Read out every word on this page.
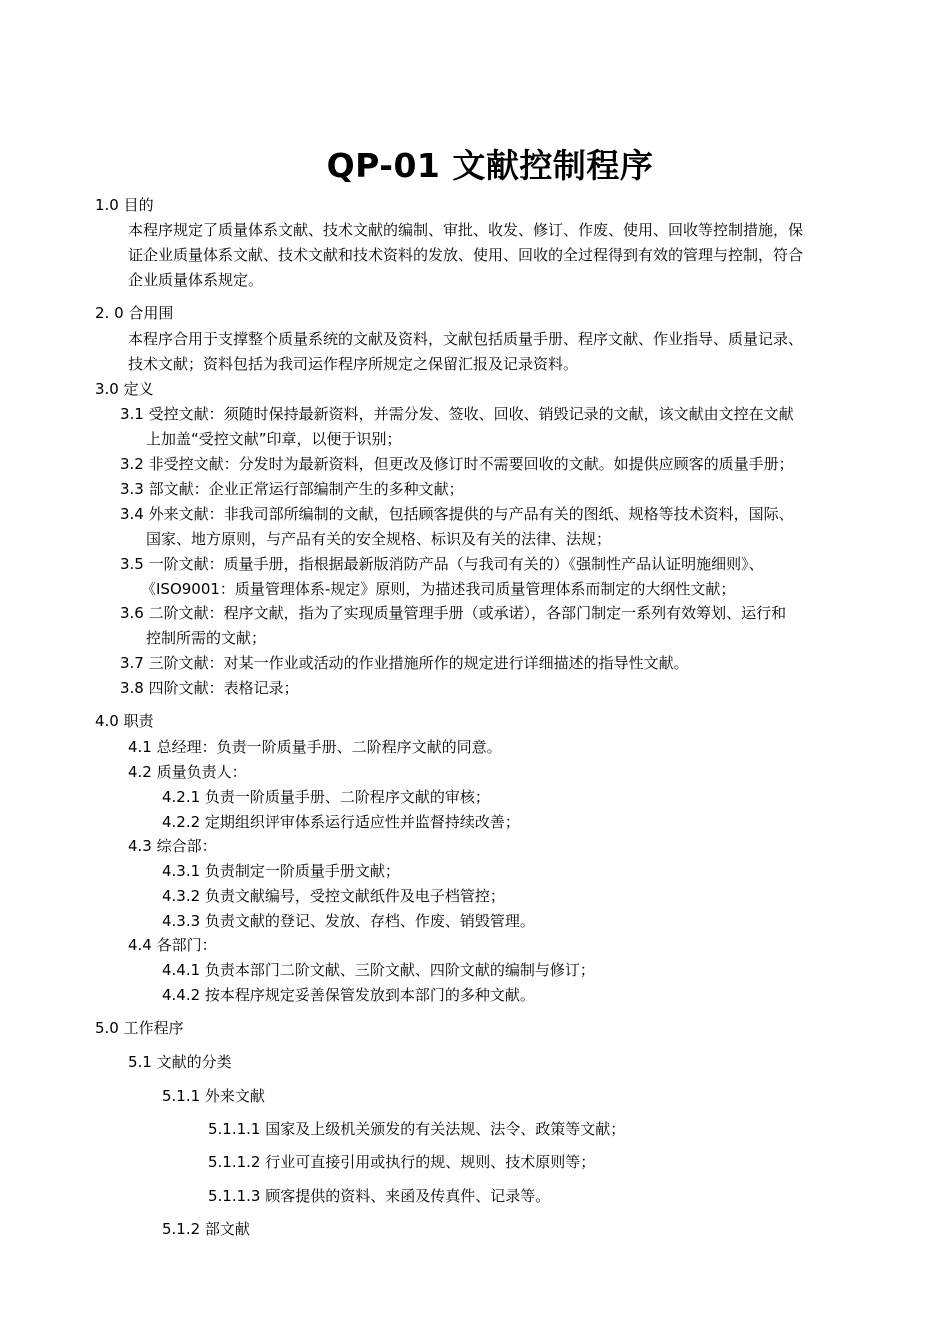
QP-01 文献控制程序
1.0 目的
本程序规定了质量体系文献、技术文献的编制、审批、收发、修订、作废、使用、回收等控制措施，保
证企业质量体系文献、技术文献和技术资料的发放、使用、回收的全过程得到有效的管理与控制，符合
企业质量体系规定。
2. 0 合用围
本程序合用于支撑整个质量系统的文献及资料，文献包括质量手册、程序文献、作业指导、质量记录、
技术文献；资料包括为我司运作程序所规定之保留汇报及记录资料。
3.0 定义
3.1 受控文献：须随时保持最新资料，并需分发、签收、回收、销毁记录的文献，该文献由文控在文献
上加盖“受控文献”印章，以便于识别；
3.2 非受控文献：分发时为最新资料，但更改及修订时不需要回收的文献。如提供应顾客的质量手册；
3.3 部文献：企业正常运行部编制产生的多种文献；
3.4 外来文献：非我司部所编制的文献，包括顾客提供的与产品有关的图纸、规格等技术资料，国际、
国家、地方原则，与产品有关的安全规格、标识及有关的法律、法规；
3.5 一阶文献：质量手册，指根据最新版消防产品（与我司有关的）《强制性产品认证明施细则》、
《ISO9001：质量管理体系-规定》原则，为描述我司质量管理体系而制定的大纲性文献；
3.6 二阶文献：程序文献，指为了实现质量管理手册（或承诺），各部门制定一系列有效筹划、运行和
控制所需的文献；
3.7 三阶文献：对某一作业或活动的作业措施所作的规定进行详细描述的指导性文献。
3.8 四阶文献：表格记录；
4.0 职责
4.1 总经理：负责一阶质量手册、二阶程序文献的同意。
4.2 质量负责人：
4.2.1 负责一阶质量手册、二阶程序文献的审核；
4.2.2 定期组织评审体系运行适应性并监督持续改善；
4.3 综合部：
4.3.1 负责制定一阶质量手册文献；
4.3.2 负责文献编号，受控文献纸件及电子档管控；
4.3.3 负责文献的登记、发放、存档、作废、销毁管理。
4.4 各部门：
4.4.1 负责本部门二阶文献、三阶文献、四阶文献的编制与修订；
4.4.2 按本程序规定妥善保管发放到本部门的多种文献。
5.0 工作程序
5.1 文献的分类
5.1.1 外来文献
5.1.1.1 国家及上级机关颁发的有关法规、法令、政策等文献；
5.1.1.2 行业可直接引用或执行的规、规则、技术原则等；
5.1.1.3 顾客提供的资料、来函及传真件、记录等。
5.1.2 部文献
